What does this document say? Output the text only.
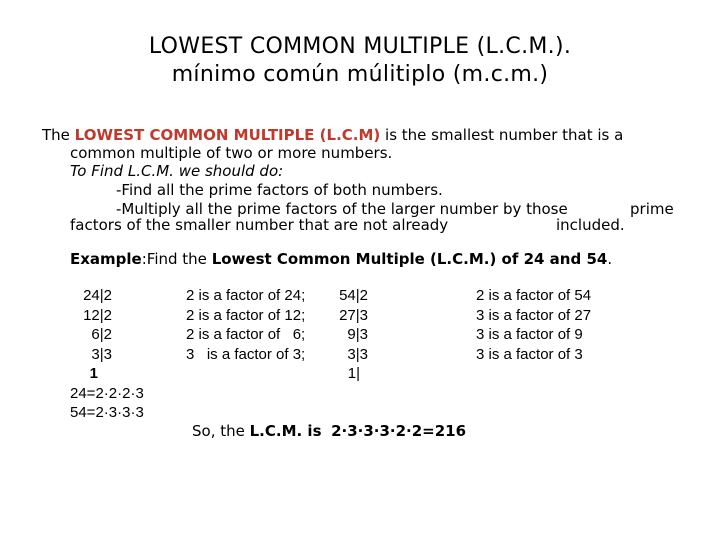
LOWEST COMMON MULTIPLE (L.C.M.).
mínimo común múlitiplo (m.c.m.)
The LOWEST COMMON MULTIPLE (L.C.M) is the smallest number that is a
common multiple of two or more numbers.
To Find L.C.M. we should do:
-Find all the prime factors of both numbers.
-Multiply all the prime factors of the larger number by those	prime
factors of the smaller number that are not already	included.
Example:Find the Lowest Common Multiple (L.C.M.) of 24 and 54.
24|2
12|2
6|2
3|3
1
24=2·2·2·3
54=2·3·3·3
2 is a factor of 24;
2 is a factor of 12;
2 is a factor of   6;
3   is a factor of 3;
54|2
27|3
9|3
3|3
1|
2 is a factor of 54
3 is a factor of 27
3 is a factor of 9
3 is a factor of 3
So, the L.C.M. is 2·3·3·3·2·2=216
